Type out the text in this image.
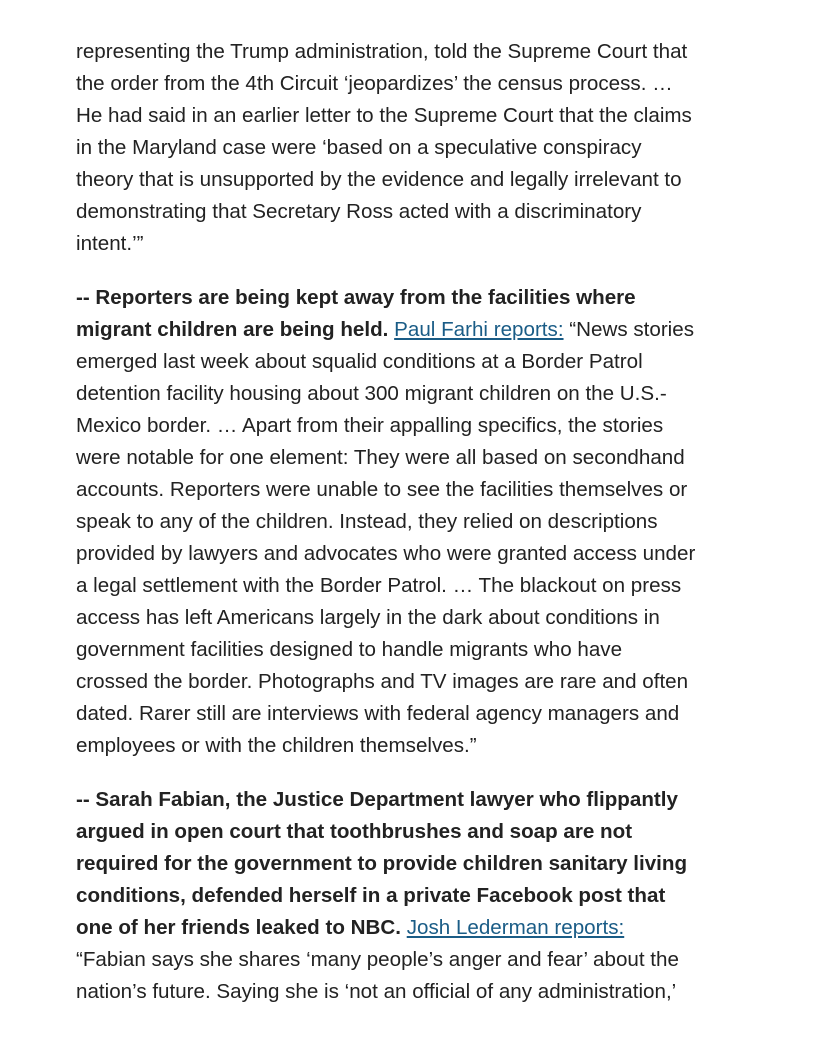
representing the Trump administration, told the Supreme Court that
the order from the 4th Circuit ‘jeopardizes’ the census process. …
He had said in an earlier letter to the Supreme Court that the claims
in the Maryland case were ‘based on a speculative conspiracy
theory that is unsupported by the evidence and legally irrelevant to
demonstrating that Secretary Ross acted with a discriminatory
intent.’”

-- Reporters are being kept away from the facilities where
migrant children are being held. Paul Farhi reports: “News stories
emerged last week about squalid conditions at a Border Patrol
detention facility housing about 300 migrant children on the U.S.-
Mexico border. … Apart from their appalling specifics, the stories
were notable for one element: They were all based on secondhand
accounts. Reporters were unable to see the facilities themselves or
speak to any of the children. Instead, they relied on descriptions
provided by lawyers and advocates who were granted access under
a legal settlement with the Border Patrol. … The blackout on press
access has left Americans largely in the dark about conditions in
government facilities designed to handle migrants who have
crossed the border. Photographs and TV images are rare and often
dated. Rarer still are interviews with federal agency managers and
employees or with the children themselves.”

-- Sarah Fabian, the Justice Department lawyer who flippantly
argued in open court that toothbrushes and soap are not
required for the government to provide children sanitary living
conditions, defended herself in a private Facebook post that
one of her friends leaked to NBC. Josh Lederman reports:
“Fabian says she shares ‘many people’s anger and fear’ about the
nation’s future. Saying she is ‘not an official of any administration,’
